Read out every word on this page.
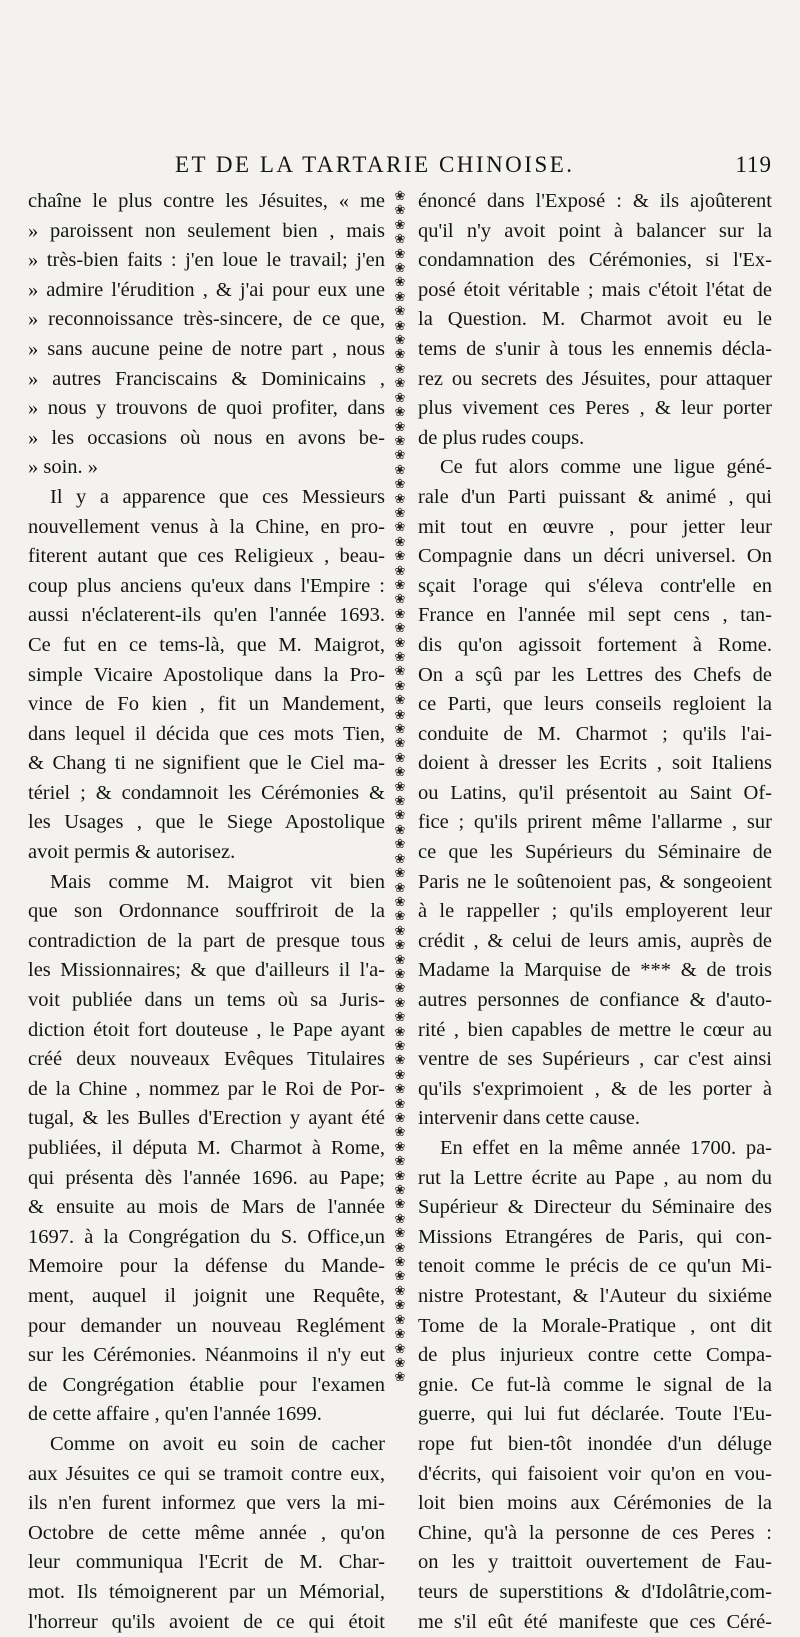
ET DE LA TARTARIE CHINOISE.	119
chaîne le plus contre les Jésuites, « me
» paroissent non seulement bien , mais
» très-bien faits : j'en loue le travail; j'en
» admire l'érudition , & j'ai pour eux une
» reconnoissance très-sincere, de ce que,
» sans aucune peine de notre part , nous
» autres Franciscains & Dominicains ,
» nous y trouvons de quoi profiter, dans
» les occasions où nous en avons be-
» soin. »
Il y a apparence que ces Messieurs
nouvellement venus à la Chine, en pro-
fiterent autant que ces Religieux , beau-
coup plus anciens qu'eux dans l'Empire :
aussi n'éclaterent-ils qu'en l'année 1693.
Ce fut en ce tems-là, que M. Maigrot,
simple Vicaire Apostolique dans la Pro-
vince de Fo kien , fit un Mandement,
dans lequel il décida que ces mots Tien,
& Chang ti ne signifient que le Ciel ma-
tériel ; & condamnoit les Cérémonies &
les Usages , que le Siege Apostolique
avoit permis & autorisez.
Mais comme M. Maigrot vit bien
que son Ordonnance souffriroit de la
contradiction de la part de presque tous
les Missionnaires; & que d'ailleurs il l'a-
voit publiée dans un tems où sa Juris-
diction étoit fort douteuse , le Pape ayant
créé deux nouveaux Evêques Titulaires
de la Chine , nommez par le Roi de Por-
tugal, & les Bulles d'Erection y ayant été
publiées, il députa M. Charmot à Rome,
qui présenta dès l'année 1696. au Pape;
& ensuite au mois de Mars de l'année
1697. à la Congrégation du S. Office,un
Memoire pour la défense du Mande-
ment, auquel il joignit une Requête,
pour demander un nouveau Reglément
sur les Cérémonies. Néanmoins il n'y eut
de Congrégation établie pour l'examen
de cette affaire , qu'en l'année 1699.
Comme on avoit eu soin de cacher
aux Jésuites ce qui se tramoit contre eux,
ils n'en furent informez que vers la mi-
Octobre de cette même année , qu'on
leur communiqua l'Ecrit de M. Char-
mot. Ils témoignerent par un Mémorial,
l'horreur qu'ils avoient de ce qui étoit
❀
❀
❀
❀
❀
❀
❀
❀
❀
❀
❀
❀
❀
❀
❀
❀
❀
❀
❀
❀
❀
❀
❀
❀
❀
❀
❀
❀
❀
❀
❀
❀
❀
❀
❀
❀
❀
❀
❀
❀
❀
❀
❀
❀
❀
❀
❀
❀
❀
❀
❀
❀
❀
❀
❀
❀
❀
❀
❀
❀
❀
❀
❀
❀
❀
❀
❀
❀
❀
❀
❀
❀
❀
❀
❀
❀
❀
❀
❀
❀
❀
❀
❀

énoncé dans l'Exposé : & ils ajoûterent
qu'il n'y avoit point à balancer sur la
condamnation des Cérémonies, si l'Ex-
posé étoit véritable ; mais c'étoit l'état de
la Question. M. Charmot avoit eu le
tems de s'unir à tous les ennemis décla-
rez ou secrets des Jésuites, pour attaquer
plus vivement ces Peres , & leur porter
de plus rudes coups.
Ce fut alors comme une ligue géné-
rale d'un Parti puissant & animé , qui
mit tout en œuvre , pour jetter leur
Compagnie dans un décri universel. On
sçait l'orage qui s'éleva contr'elle en
France en l'année mil sept cens , tan-
dis qu'on agissoit fortement à Rome.
On a sçû par les Lettres des Chefs de
ce Parti, que leurs conseils regloient la
conduite de M. Charmot ; qu'ils l'ai-
doient à dresser les Ecrits , soit Italiens
ou Latins, qu'il présentoit au Saint Of-
fice ; qu'ils prirent même l'allarme , sur
ce que les Supérieurs du Séminaire de
Paris ne le soûtenoient pas, & songeoient
à le rappeller ; qu'ils employerent leur
crédit , & celui de leurs amis, auprès de
Madame la Marquise de *** & de trois
autres personnes de confiance & d'auto-
rité , bien capables de mettre le cœur au
ventre de ses Supérieurs , car c'est ainsi
qu'ils s'exprimoient , & de les porter à
intervenir dans cette cause.
En effet en la même année 1700. pa-
rut la Lettre écrite au Pape , au nom du
Supérieur & Directeur du Séminaire des
Missions Etrangéres de Paris, qui con-
tenoit comme le précis de ce qu'un Mi-
nistre Protestant, & l'Auteur du sixiéme
Tome de la Morale-Pratique , ont dit
de plus injurieux contre cette Compa-
gnie. Ce fut-là comme le signal de la
guerre, qui lui fut déclarée. Toute l'Eu-
rope fut bien-tôt inondée d'un déluge
d'écrits, qui faisoient voir qu'on en vou-
loit bien moins aux Cérémonies de la
Chine, qu'à la personne de ces Peres :
on les y traittoit ouvertement de Fau-
teurs de superstitions & d'Idolâtrie,com-
me s'il eût été manifeste que ces Céré-
